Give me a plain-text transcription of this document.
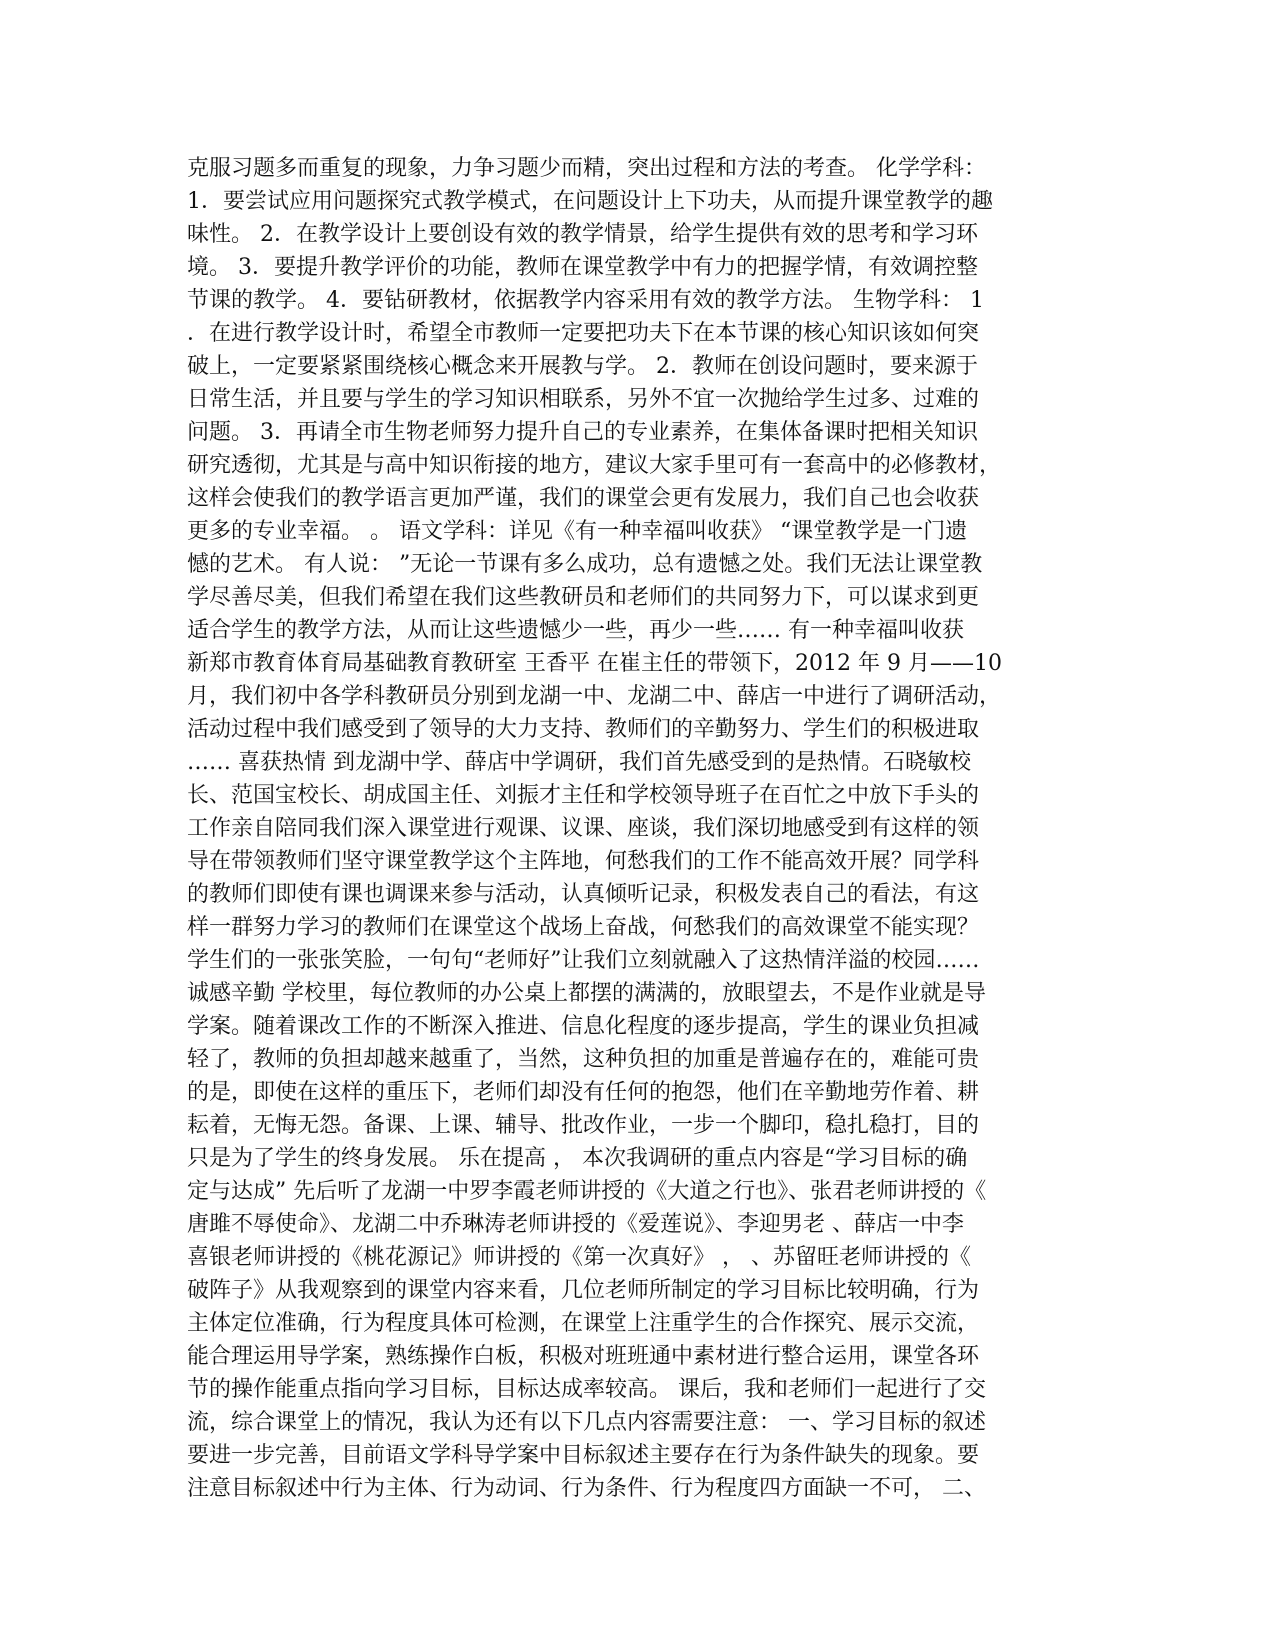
克服习题多而重复的现象，力争习题少而精，突出过程和方法的考查。 化学学科：
1．要尝试应用问题探究式教学模式，在问题设计上下功夫，从而提升课堂教学的趣
味性。 2．在教学设计上要创设有效的教学情景，给学生提供有效的思考和学习环
境。 3．要提升教学评价的功能，教师在课堂教学中有力的把握学情，有效调控整
节课的教学。 4．要钻研教材，依据教学内容采用有效的教学方法。 生物学科： 1
．在进行教学设计时，希望全市教师一定要把功夫下在本节课的核心知识该如何突
破上，一定要紧紧围绕核心概念来开展教与学。 2．教师在创设问题时，要来源于
日常生活，并且要与学生的学习知识相联系，另外不宜一次抛给学生过多、过难的
问题。 3．再请全市生物老师努力提升自己的专业素养，在集体备课时把相关知识
研究透彻，尤其是与高中知识衔接的地方，建议大家手里可有一套高中的必修教材，
这样会使我们的教学语言更加严谨，我们的课堂会更有发展力，我们自己也会收获
更多的专业幸福。 。 语文学科：详见《有一种幸福叫收获》 “课堂教学是一门遗
憾的艺术。 有人说： ”无论一节课有多么成功，总有遗憾之处。我们无法让课堂教
学尽善尽美，但我们希望在我们这些教研员和老师们的共同努力下，可以谋求到更
适合学生的教学方法，从而让这些遗憾少一些，再少一些…… 有一种幸福叫收获
新郑市教育体育局基础教育教研室 王香平 在崔主任的带领下，2012 年 9 月——10
月，我们初中各学科教研员分别到龙湖一中、龙湖二中、薛店一中进行了调研活动，
活动过程中我们感受到了领导的大力支持、教师们的辛勤努力、学生们的积极进取
…… 喜获热情 到龙湖中学、薛店中学调研，我们首先感受到的是热情。石晓敏校
长、范国宝校长、胡成国主任、刘振才主任和学校领导班子在百忙之中放下手头的
工作亲自陪同我们深入课堂进行观课、议课、座谈，我们深切地感受到有这样的领
导在带领教师们坚守课堂教学这个主阵地，何愁我们的工作不能高效开展？同学科
的教师们即使有课也调课来参与活动，认真倾听记录，积极发表自己的看法，有这
样一群努力学习的教师们在课堂这个战场上奋战，何愁我们的高效课堂不能实现？
学生们的一张张笑脸，一句句“老师好”让我们立刻就融入了这热情洋溢的校园……
诚感辛勤 学校里，每位教师的办公桌上都摆的满满的，放眼望去，不是作业就是导
学案。随着课改工作的不断深入推进、信息化程度的逐步提高，学生的课业负担减
轻了，教师的负担却越来越重了，当然，这种负担的加重是普遍存在的，难能可贵
的是，即使在这样的重压下，老师们却没有任何的抱怨，他们在辛勤地劳作着、耕
耘着，无悔无怨。备课、上课、辅导、批改作业，一步一个脚印，稳扎稳打，目的
只是为了学生的终身发展。 乐在提高 ， 本次我调研的重点内容是“学习目标的确
定与达成” 先后听了龙湖一中罗李霞老师讲授的《大道之行也》、张君老师讲授的《
唐雎不辱使命》、龙湖二中乔琳涛老师讲授的《爱莲说》、李迎男老 、薛店一中李
喜银老师讲授的《桃花源记》师讲授的《第一次真好》 ， 、苏留旺老师讲授的《
破阵子》从我观察到的课堂内容来看，几位老师所制定的学习目标比较明确，行为
主体定位准确，行为程度具体可检测，在课堂上注重学生的合作探究、展示交流，
能合理运用导学案，熟练操作白板，积极对班班通中素材进行整合运用，课堂各环
节的操作能重点指向学习目标，目标达成率较高。 课后，我和老师们一起进行了交
流，综合课堂上的情况，我认为还有以下几点内容需要注意： 一、学习目标的叙述
要进一步完善，目前语文学科导学案中目标叙述主要存在行为条件缺失的现象。要
注意目标叙述中行为主体、行为动词、行为条件、行为程度四方面缺一不可， 二、
